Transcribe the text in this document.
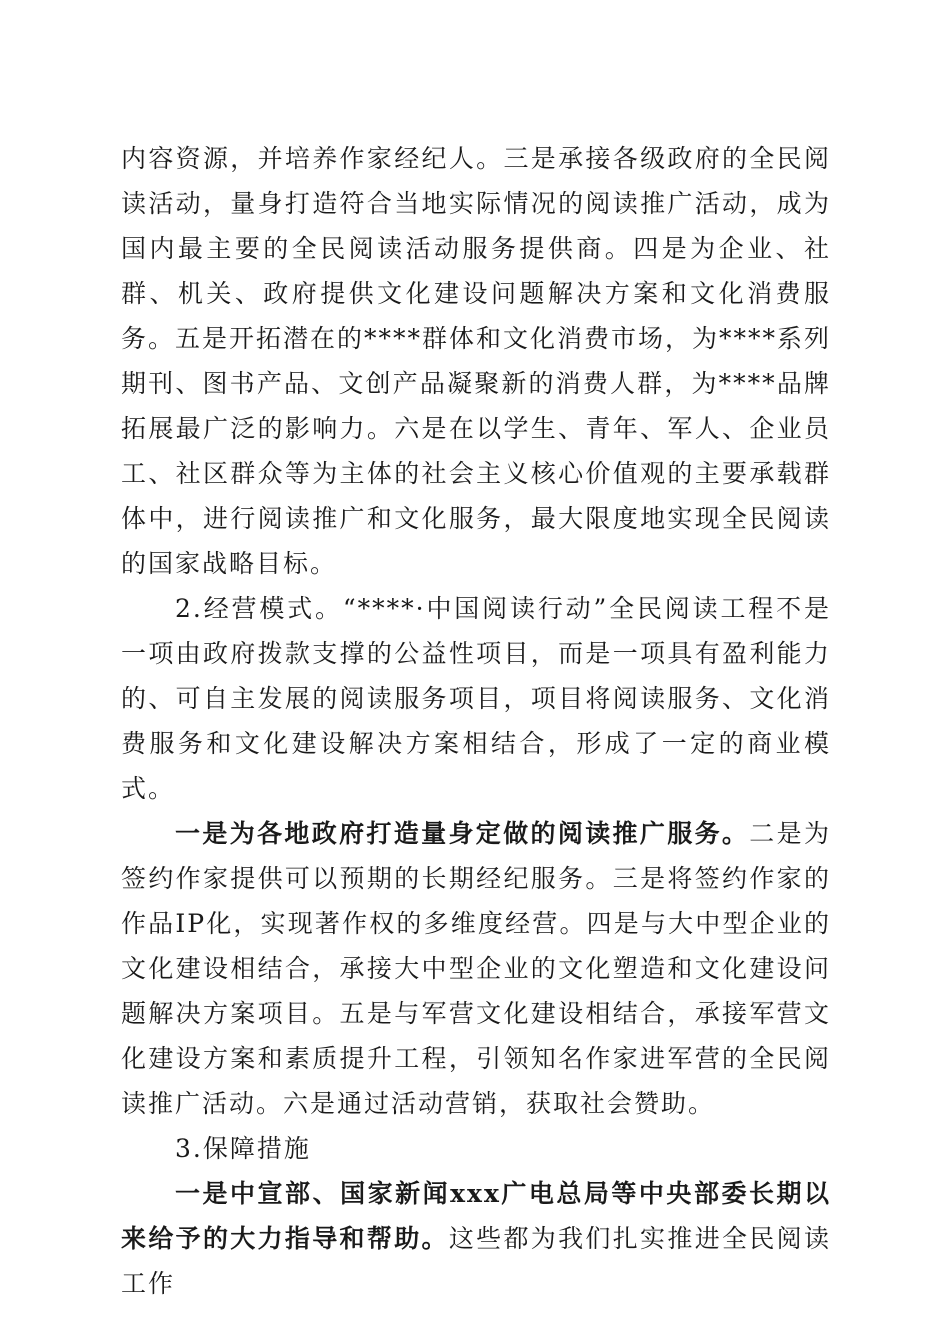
内容资源，并培养作家经纪人。三是承接各级政府的全民阅读活动，量身打造符合当地实际情况的阅读推广活动，成为国内最主要的全民阅读活动服务提供商。四是为企业、社群、机关、政府提供文化建设问题解决方案和文化消费服务。五是开拓潜在的****群体和文化消费市场，为****系列期刊、图书产品、文创产品凝聚新的消费人群，为****品牌拓展最广泛的影响力。六是在以学生、青年、军人、企业员工、社区群众等为主体的社会主义核心价值观的主要承载群体中，进行阅读推广和文化服务，最大限度地实现全民阅读的国家战略目标。

2.经营模式。“****·中国阅读行动”全民阅读工程不是一项由政府拨款支撑的公益性项目，而是一项具有盈利能力的、可自主发展的阅读服务项目，项目将阅读服务、文化消费服务和文化建设解决方案相结合，形成了一定的商业模式。

一是为各地政府打造量身定做的阅读推广服务。二是为签约作家提供可以预期的长期经纪服务。三是将签约作家的作品IP化，实现著作权的多维度经营。四是与大中型企业的文化建设相结合，承接大中型企业的文化塑造和文化建设问题解决方案项目。五是与军营文化建设相结合，承接军营文化建设方案和素质提升工程，引领知名作家进军营的全民阅读推广活动。六是通过活动营销，获取社会赞助。

3.保障措施

一是中宣部、国家新闻xxx广电总局等中央部委长期以来给予的大力指导和帮助。这些都为我们扎实推进全民阅读工作
